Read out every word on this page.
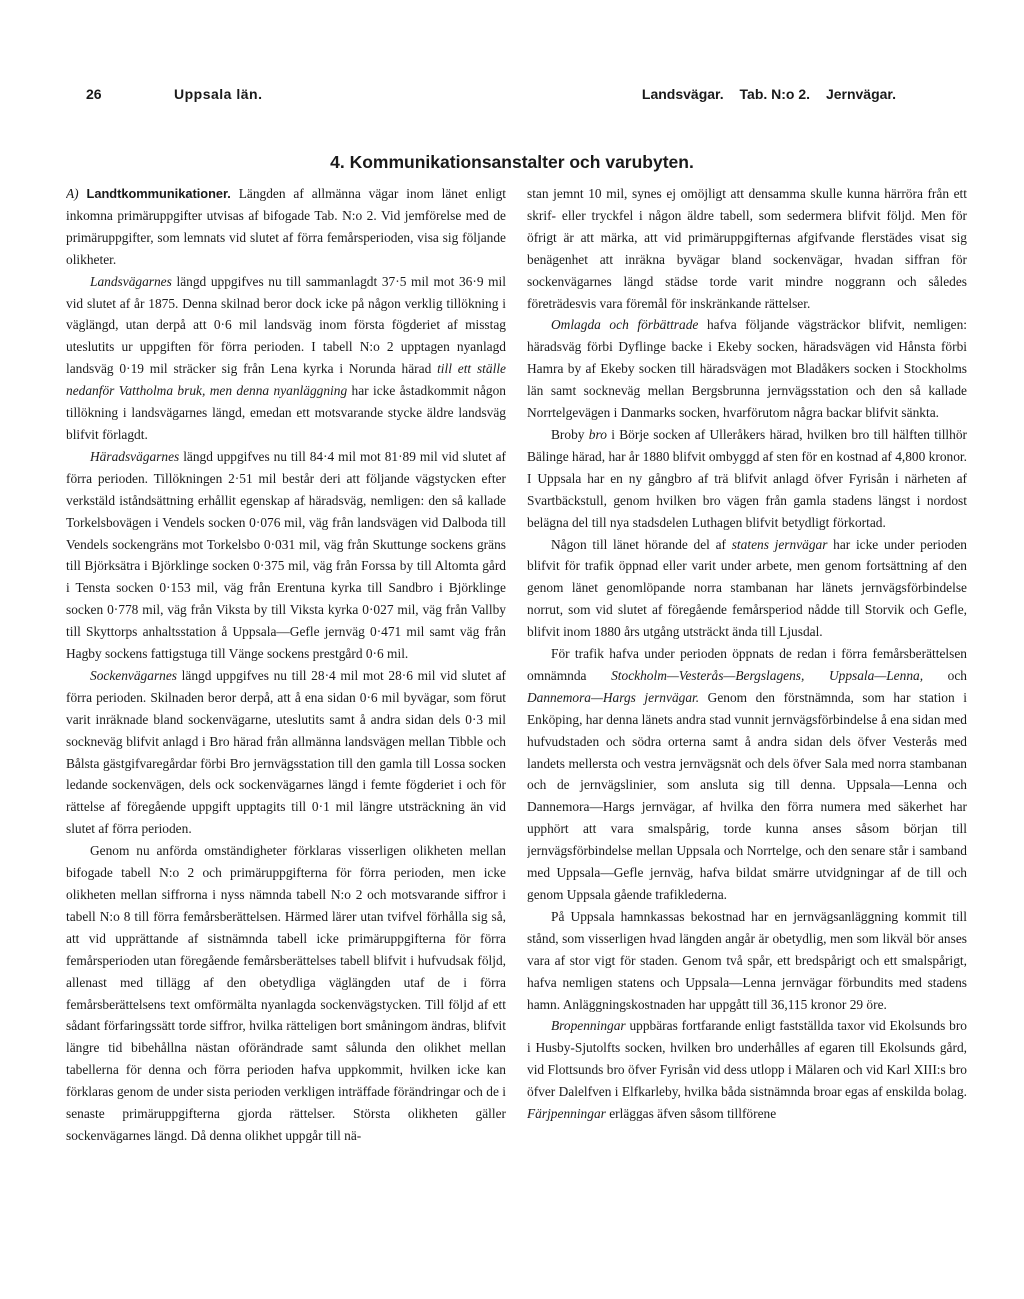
26	Uppsala län.	Landsvägar. Tab. N:o 2. Jernvägar.
4. Kommunikationsanstalter och varubyten.

A) Landtkommunikationer. Längden af allmänna vägar inom länet enligt inkomna primäruppgifter utvisas af bifogade Tab. N:o 2. Vid jemförelse med de primäruppgifter, som lemnats vid slutet af förra femårsperioden, visa sig följande olikheter.

Landsvägarnes längd uppgifves nu till sammanlagdt 37·5 mil mot 36·9 mil vid slutet af år 1875. Denna skilnad beror dock icke på någon verklig tillökning i väglängd, utan derpå att 0·6 mil landsväg inom första fögderiet af misstag uteslutits ur uppgiften för förra perioden. I tabell N:o 2 upptagen nyanlagd landsväg 0·19 mil sträcker sig från Lena kyrka i Norunda härad till ett ställe nedanför Vattholma bruk, men denna nyanläggning har icke åstadkommit någon tillökning i landsvägarnes längd, emedan ett motsvarande stycke äldre landsväg blifvit förlagdt.

Häradsvägarnes längd uppgifves nu till 84·4 mil mot 81·89 mil vid slutet af förra perioden. Tillökningen 2·51 mil består deri att följande vägstycken efter verkstäld iståndsättning erhållit egenskap af häradsväg, nemligen: den så kallade Torkelsbovägen i Vendels socken 0·076 mil, väg från landsvägen vid Dalboda till Vendels sockengräns mot Torkelsbo 0·031 mil, väg från Skuttunge sockens gräns till Björksätra i Björklinge socken 0·375 mil, väg från Forssa by till Altomta gård i Tensta socken 0·153 mil, väg från Erentuna kyrka till Sandbro i Björklinge socken 0·778 mil, väg från Viksta by till Viksta kyrka 0·027 mil, väg från Vallby till Skyttorps anhaltsstation å Uppsala—Gefle jernväg 0·471 mil samt väg från Hagby sockens fattigstuga till Vänge sockens prestgård 0·6 mil.

Sockenvägarnes längd uppgifves nu till 28·4 mil mot 28·6 mil vid slutet af förra perioden. Skilnaden beror derpå, att å ena sidan 0·6 mil byvägar, som förut varit inräknade bland sockenvägarne, uteslutits samt å andra sidan dels 0·3 mil sockneväg blifvit anlagd i Bro härad från allmänna landsvägen mellan Tibble och Bålsta gästgifvaregårdar förbi Bro jernvägsstation till den gamla till Lossa socken ledande sockenvägen, dels ock sockenvägarnes längd i femte fögderiet i och för rättelse af föregående uppgift upptagits till 0·1 mil längre utsträckning än vid slutet af förra perioden.

Genom nu anförda omständigheter förklaras visserligen olikheten mellan bifogade tabell N:o 2 och primäruppgifterna för förra perioden, men icke olikheten mellan siffrorna i nyss nämnda tabell N:o 2 och motsvarande siffror i tabell N:o 8 till förra femårsberättelsen. Härmed lärer utan tvifvel förhålla sig så, att vid upprättande af sistnämnda tabell icke primäruppgifterna för förra femårsperioden utan föregående femårsberättelses tabell blifvit i hufvudsak följd, allenast med tillägg af den obetydliga väglängden utaf de i förra femårsberättelsens text omförmälta nyanlagda sockenvägstycken. Till följd af ett sådant förfaringssätt torde siffror, hvilka rätteligen bort småningom ändras, blifvit längre tid bibehållna nästan oförändrade samt sålunda den olikhet mellan tabellerna för denna och förra perioden hafva uppkommit, hvilken icke kan förklaras genom de under sista perioden verkligen inträffade förändringar och de i senaste primäruppgifterna gjorda rättelser. Största olikheten gäller sockenvägarnes längd. Då denna olikhet uppgår till nä-

stan jemnt 10 mil, synes ej omöjligt att densamma skulle kunna härröra från ett skrif- eller tryckfel i någon äldre tabell, som sedermera blifvit följd. Men för öfrigt är att märka, att vid primäruppgifternas afgifvande flerstädes visat sig benägenhet att inräkna byvägar bland sockenvägar, hvadan siffran för sockenvägarnes längd städse torde varit mindre noggrann och således företrädesvis vara föremål för inskränkande rättelser.

Omlagda och förbättrade hafva följande vägsträckor blifvit, nemligen: häradsväg förbi Dyflinge backe i Ekeby socken, häradsvägen vid Hånsta förbi Hamra by af Ekeby socken till häradsvägen mot Bladåkers socken i Stockholms län samt sockneväg mellan Bergsbrunna jernvägsstation och den så kallade Norrtelgevägen i Danmarks socken, hvarförutom några backar blifvit sänkta.

Broby bro i Börje socken af Ulleråkers härad, hvilken bro till hälften tillhör Bälinge härad, har år 1880 blifvit ombyggd af sten för en kostnad af 4,800 kronor. I Uppsala har en ny gångbro af trä blifvit anlagd öfver Fyrisån i närheten af Svartbäckstull, genom hvilken bro vägen från gamla stadens längst i nordost belägna del till nya stadsdelen Luthagen blifvit betydligt förkortad.

Någon till länet hörande del af statens jernvägar har icke under perioden blifvit för trafik öppnad eller varit under arbete, men genom fortsättning af den genom länet genomlöpande norra stambanan har länets jernvägsförbindelse norrut, som vid slutet af föregående femårsperiod nådde till Storvik och Gefle, blifvit inom 1880 års utgång utsträckt ända till Ljusdal.

För trafik hafva under perioden öppnats de redan i förra femårsberättelsen omnämnda Stockholm—Vesterås—Bergslagens, Uppsala—Lenna, och Dannemora—Hargs jernvägar. Genom den förstnämnda, som har station i Enköping, har denna länets andra stad vunnit jernvägsförbindelse å ena sidan med hufvudstaden och södra orterna samt å andra sidan dels öfver Vesterås med landets mellersta och vestra jernvägsnät och dels öfver Sala med norra stambanan och de jernvägslinier, som ansluta sig till denna. Uppsala—Lenna och Dannemora—Hargs jernvägar, af hvilka den förra numera med säkerhet har upphört att vara smalspårig, torde kunna anses såsom början till jernvägsförbindelse mellan Uppsala och Norrtelge, och den senare står i samband med Uppsala—Gefle jernväg, hafva bildat smärre utvidgningar af de till och genom Uppsala gående trafiklederna.

På Uppsala hamnkassas bekostnad har en jernvägsanläggning kommit till stånd, som visserligen hvad längden angår är obetydlig, men som likväl bör anses vara af stor vigt för staden. Genom två spår, ett bredspårigt och ett smalspårigt, hafva nemligen statens och Uppsala—Lenna jernvägar förbundits med stadens hamn. Anläggningskostnaden har uppgått till 36,115 kronor 29 öre.

Bropenningar uppbäras fortfarande enligt fastställda taxor vid Ekolsunds bro i Husby-Sjutolfts socken, hvilken bro underhålles af egaren till Ekolsunds gård, vid Flottsunds bro öfver Fyrisån vid dess utlopp i Mälaren och vid Karl XIII:s bro öfver Dalelfven i Elfkarleby, hvilka båda sistnämnda broar egas af enskilda bolag. Färjpenningar erläggas äfven såsom tillförene
